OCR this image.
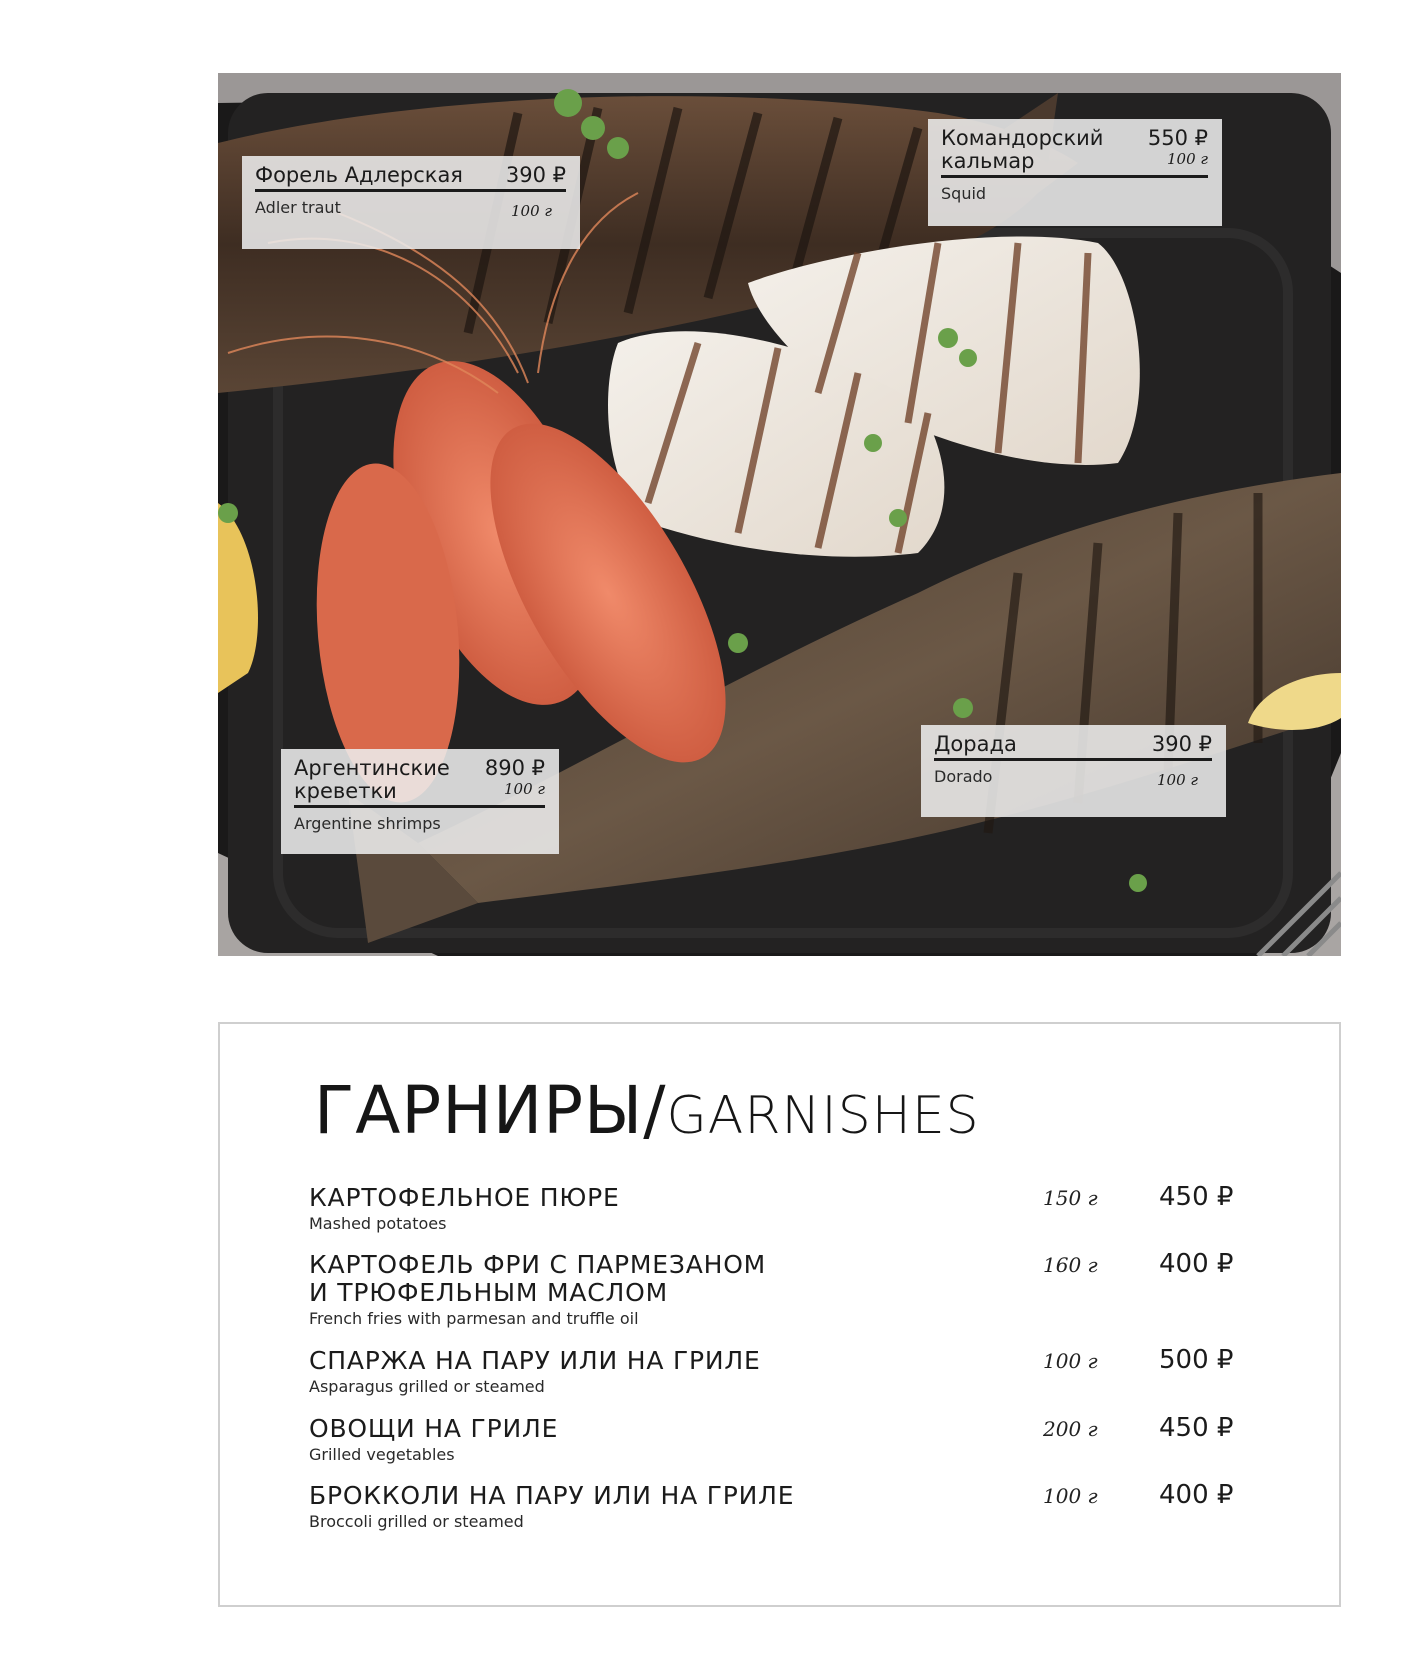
Форель Адлерская 390 ₽
100 г
Adler traut
Командорский кальмар
550 ₽
100 г
Squid
Аргентинские креветки
890 ₽
100 г
Argentine shrimps
Дорада	390 ₽
100 г
Dorado
ГАРНИРЫ/GARNISHES
КАРТОФЕЛЬНОЕ ПЮРЕ
Mashed potatoes
150 г 450 ₽
КАРТОФЕЛЬ ФРИ С ПАРМЕЗАНОМ
И ТРЮФЕЛЬНЫМ МАСЛОМ
French fries with parmesan and truffle oil
160 г 400 ₽
СПАРЖА НА ПАРУ ИЛИ НА ГРИЛЕ
Asparagus grilled or steamed
100 г 500 ₽
ОВОЩИ НА ГРИЛЕ
Grilled vegetables
200 г 450 ₽
БРОККОЛИ НА ПАРУ ИЛИ НА ГРИЛЕ
Broccoli grilled or steamed
100 г 400 ₽
